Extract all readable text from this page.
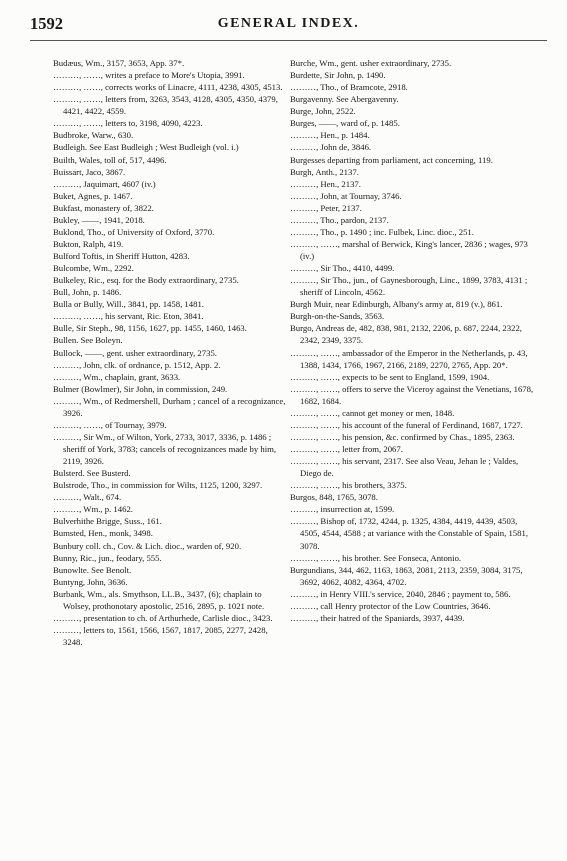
1592	GENERAL INDEX.
Budæus, Wm., 3157, 3653, App. 37*.
………, ……, writes a preface to More's Utopia, 3991.
………, ……, corrects works of Linacre, 4111, 4238, 4305, 4513.
………, ……, letters from, 3263, 3543, 4128, 4305, 4350, 4379, 4421, 4422, 4559.
………, ……, letters to, 3198, 4090, 4223.
Budbroke, Warw., 630.
Budleigh. See East Budleigh ; West Budleigh (vol. i.)
Builth, Wales, toll of, 517, 4496.
Buissart, Jaco, 3867.
………, Jaquimart, 4607 (iv.)
Buket, Agnes, p. 1467.
Bukfast, monastery of, 3822.
Bukley, ——, 1941, 2018.
Buklond, Tho., of University of Oxford, 3770.
Bukton, Ralph, 419.
Bulford Toftis, in Sheriff Hutton, 4283.
Bulcombe, Wm., 2292.
Bulkeley, Ric., esq. for the Body extraordinary, 2735.
Bull, John, p. 1486.
Bulla or Bully, Will., 3841, pp. 1458, 1481.
………, ……, his servant, Ric. Eton, 3841.
Bulle, Sir Steph., 98, 1156, 1627, pp. 1455, 1460, 1463.
Bullen. See Boleyn.
Bullock, ——, gent. usher extraordinary, 2735.
………, John, clk. of ordnance, p. 1512, App. 2.
………, Wm., chaplain, grant, 3633.
Bulmer (Bowlmer), Sir John, in commission, 249.
………, Wm., of Redmershell, Durham ; cancel of a recognizance, 3926.
………, ……, of Tournay, 3979.
………, Sir Wm., of Wilton, York, 2733, 3017, 3336, p. 1486 ; sheriff of York, 3783; cancels of recognizances made by him, 2119, 3926.
Bulsterd. See Busterd.
Bulstrode, Tho., in commission for Wilts, 1125, 1200, 3297.
………, Walt., 674.
………, Wm., p. 1462.
Bulverhithe Brigge, Suss., 161.
Bumsted, Hen., monk, 3498.
Bunbury coll. ch., Cov. & Lich. dioc., warden of, 920.
Bunny, Ric., jun., feodary, 555.
Bunowlte. See Benolt.
Buntyng, John, 3636.
Burbank, Wm., als. Smythson, LL.B., 3437, (6); chaplain to Wolsey, prothonotary apostolic, 2516, 2895, p. 1021 note.
………, presentation to ch. of Arthurhede, Carlisle dioc., 3423.
………, letters to, 1561, 1566, 1567, 1817, 2085, 2277, 2428, 3248.
Burche, Wm., gent. usher extraordinary, 2735.
Burdette, Sir John, p. 1490.
………, Tho., of Bramcote, 2918.
Burgavenny. See Abergavenny.
Burge, John, 2522.
Burges, ——, ward of, p. 1485.
………, Hen., p. 1484.
………, John de, 3846.
Burgesses departing from parliament, act concerning, 119.
Burgh, Anth., 2137.
………, Hen., 2137.
………, John, at Tournay, 3746.
………, Peter, 2137.
………, Tho., pardon, 2137.
………, Tho., p. 1490 ; inc. Fulbek, Linc. dioc., 251.
………, ……, marshal of Berwick, King's lancer, 2836 ; wages, 973 (iv.)
………, Sir Tho., 4410, 4499.
………, Sir Tho., jun., of Gaynesborough, Linc., 1899, 3783, 4131 ; sheriff of Lincoln, 4562.
Burgh Muir, near Edinburgh, Albany's army at, 819 (v.), 861.
Burgh-on-the-Sands, 3563.
Burgo, Andreas de, 482, 838, 981, 2132, 2206, p. 687, 2244, 2322, 2342, 2349, 3375.
………, ……, ambassador of the Emperor in the Netherlands, p. 43, 1388, 1434, 1766, 1967, 2166, 2189, 2270, 2765, App. 20*.
………, ……, expects to be sent to England, 1599, 1904.
………, ……, offers to serve the Viceroy against the Venetians, 1678, 1682, 1684.
………, ……, cannot get money or men, 1848.
………, ……, his account of the funeral of Ferdinand, 1687, 1727.
………, ……, his pension, &c. confirmed by Chas., 1895, 2363.
………, ……, letter from, 2067.
………, ……, his servant, 2317. See also Veau, Jehan le ; Valdes, Diego de.
………, ……, his brothers, 3375.
Burgos, 848, 1765, 3078.
………, insurrection at, 1599.
………, Bishop of, 1732, 4244, p. 1325, 4384, 4419, 4439, 4503, 4505, 4544, 4588 ; at variance with the Constable of Spain, 1581, 3078.
………, ……, his brother. See Fonseca, Antonio.
Burgundians, 344, 462, 1163, 1863, 2081, 2113, 2359, 3084, 3175, 3692, 4062, 4082, 4364, 4702.
………, in Henry VIII.'s service, 2040, 2846 ; payment to, 586.
………, call Henry protector of the Low Countries, 3646.
………, their hatred of the Spaniards, 3937, 4439.
